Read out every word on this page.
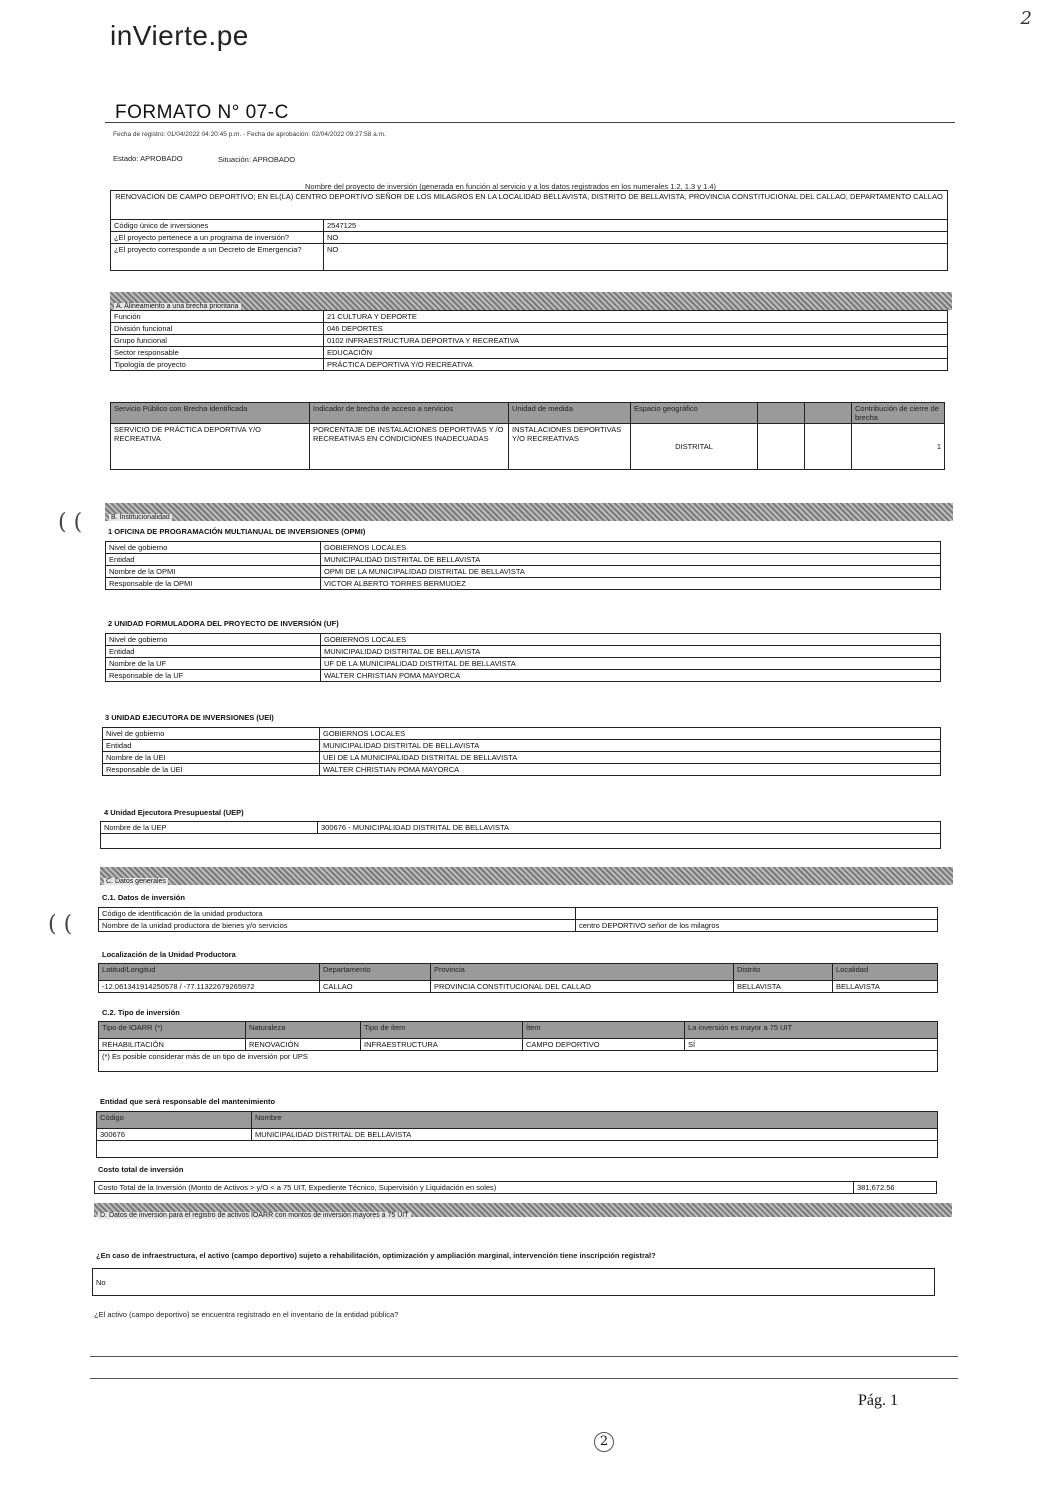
inVierte.pe
2
FORMATO N° 07-C
Fecha de registro: 01/04/2022 04:20:45 p.m. - Fecha de aprobación: 02/04/2022 09:27:58 a.m.
Estado: APROBADO	Situación: APROBADO
Nombre del proyecto de inversión (generada en función al servicio y a los datos registrados en los numerales 1.2, 1.3 y 1.4)
RENOVACION DE CAMPO DEPORTIVO; EN EL(LA) CENTRO DEPORTIVO SEÑOR DE LOS MILAGROS EN LA LOCALIDAD BELLAVISTA, DISTRITO DE BELLAVISTA, PROVINCIA CONSTITUCIONAL DEL CALLAO, DEPARTAMENTO CALLAO	
Código único de inversiones	2547125
¿El proyecto pertenece a un programa de inversión?	NO
¿El proyecto corresponde a un Decreto de Emergencia?	NO
A. Alineamiento a una brecha prioritaria
Función	21 CULTURA Y DEPORTE
División funcional	046 DEPORTES
Grupo funcional	0102 INFRAESTRUCTURA DEPORTIVA Y RECREATIVA
Sector responsable	EDUCACIÓN
Tipología de proyecto	PRÁCTICA DEPORTIVA Y/O RECREATIVA
Servicio Público con Brecha identificada	Indicador de brecha de acceso a servicios	Unidad de medida	Espacio geográfico			Contribución de cierre de brecha
SERVICIO DE PRÁCTICA DEPORTIVA Y/O RECREATIVA	PORCENTAJE DE INSTALACIONES DEPORTIVAS Y /O RECREATIVAS EN CONDICIONES INADECUADAS	INSTALACIONES DEPORTIVAS Y/O RECREATIVAS	DISTRITAL			1
B. Institucionalidad
( (	1 OFICINA DE PROGRAMACIÓN MULTIANUAL DE INVERSIONES (OPMI)
Nivel de gobierno	GOBIERNOS LOCALES
Entidad	MUNICIPALIDAD DISTRITAL DE BELLAVISTA
Nombre de la OPMI	OPMI DE LA MUNICIPALIDAD DISTRITAL DE BELLAVISTA
Responsable de la OPMI	VICTOR ALBERTO TORRES BERMUDEZ
2 UNIDAD FORMULADORA DEL PROYECTO DE INVERSIÓN (UF)
Nivel de gobierno	GOBIERNOS LOCALES
Entidad	MUNICIPALIDAD DISTRITAL DE BELLAVISTA
Nombre de la UF	UF DE LA MUNICIPALIDAD DISTRITAL DE BELLAVISTA
Responsable de la UF	WALTER CHRISTIAN POMA MAYORCA
3 UNIDAD EJECUTORA DE INVERSIONES (UEI)
Nivel de gobierno	GOBIERNOS LOCALES
Entidad	MUNICIPALIDAD DISTRITAL DE BELLAVISTA
Nombre de la UEI	UEI DE LA MUNICIPALIDAD DISTRITAL DE BELLAVISTA
Responsable de la UEI	WALTER CHRISTIAN POMA MAYORCA
4 Unidad Ejecutora Presupuestal (UEP)
Nombre de la UEP	300676 - MUNICIPALIDAD DISTRITAL DE BELLAVISTA

C. Datos generales
( (
C.1. Datos de inversión
Código de identificación de la unidad productora	
Nombre de la unidad productora de bienes y/o servicios	centro DEPORTIVO señor de los milagros
Localización de la Unidad Productora
Latitud/Longitud	Departamento	Provincia	Distrito	Localidad
-12.061341914250578 / -77.11322679265972	CALLAO	PROVINCIA CONSTITUCIONAL DEL CALLAO	BELLAVISTA	BELLAVISTA
C.2. Tipo de inversión
Tipo de IOARR (*)	Naturaleza	Tipo de ítem	Ítem	La inversión es mayor a 75 UIT
REHABILITACIÓN	RENOVACIÓN	INFRAESTRUCTURA	CAMPO DEPORTIVO	SÍ
(*) Es posible considerar más de un tipo de inversión por UPS				
Entidad que será responsable del mantenimiento
Código	Nombre
300676	MUNICIPALIDAD DISTRITAL DE BELLAVISTA

Costo total de inversión
Costo Total de la Inversión (Monto de Activos > y/O < a 75 UIT, Expediente Técnico, Supervisión y Liquidación en soles)	381,672.56
D. Datos de inversión para el registro de activos IOARR con montos de inversión mayores a 75 UIT
¿En caso de infraestructura, el activo (campo deportivo) sujeto a rehabilitación, optimización y ampliación marginal, intervención tiene inscripción registral?
No
¿El activo (campo deportivo) se encuentra registrado en el inventario de la entidad pública?
Pág. 1
2
